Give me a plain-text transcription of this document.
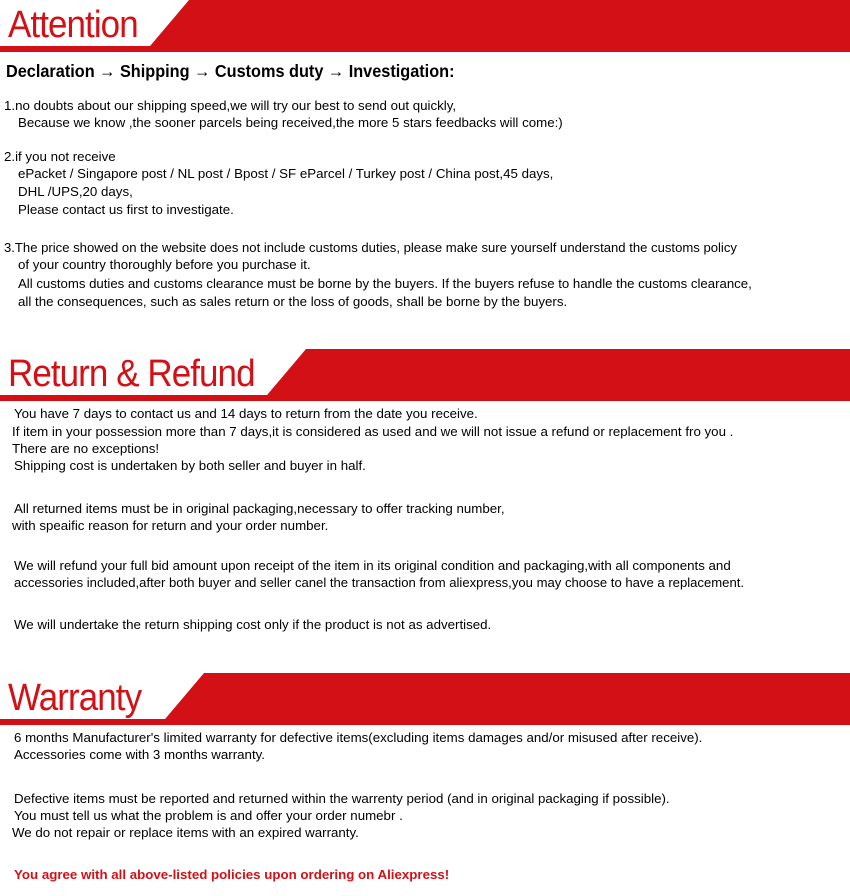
Attention
Declaration → Shipping → Customs duty → Investigation:
1.no doubts about our shipping speed,we will try our best to send out quickly,
Because we know ,the sooner parcels being received,the more 5 stars feedbacks will come:)
2.if you not receive
ePacket / Singapore post / NL post / Bpost / SF eParcel / Turkey post / China post,45 days,
DHL /UPS,20 days,
Please contact us first to investigate.
3.The price showed on the website does not include customs duties, please make sure yourself understand the customs policy
of your country thoroughly before you purchase it.
All customs duties and customs clearance must be borne by the buyers. If the buyers refuse to handle the customs clearance,
all the consequences, such as sales return or the loss of goods, shall be borne by the buyers.
Return & Refund
You have 7 days to contact us and 14 days to return from the date you receive.
If item in your possession more than 7 days,it is considered as used and we will not issue a refund or replacement fro you .
There are no exceptions!
Shipping cost is undertaken by both seller and buyer in half.
All returned items must be in original packaging,necessary to offer tracking number,
with speaific reason for return and your order number.
We will refund your full bid amount upon receipt of the item in its original condition and packaging,with all components and
accessories included,after both buyer and seller canel the transaction from aliexpress,you may choose to have a replacement.
We will undertake the return shipping cost only if the product is not as advertised.
Warranty
6 months Manufacturer's limited warranty for defective items(excluding items damages and/or misused after receive).
Accessories come with 3 months warranty.
Defective items must be reported and returned within the warrenty period (and in original packaging if possible).
You must tell us what the problem is and offer your order numebr .
We do not repair or replace items with an expired warranty.
You agree with all above-listed policies upon ordering on Aliexpress!
